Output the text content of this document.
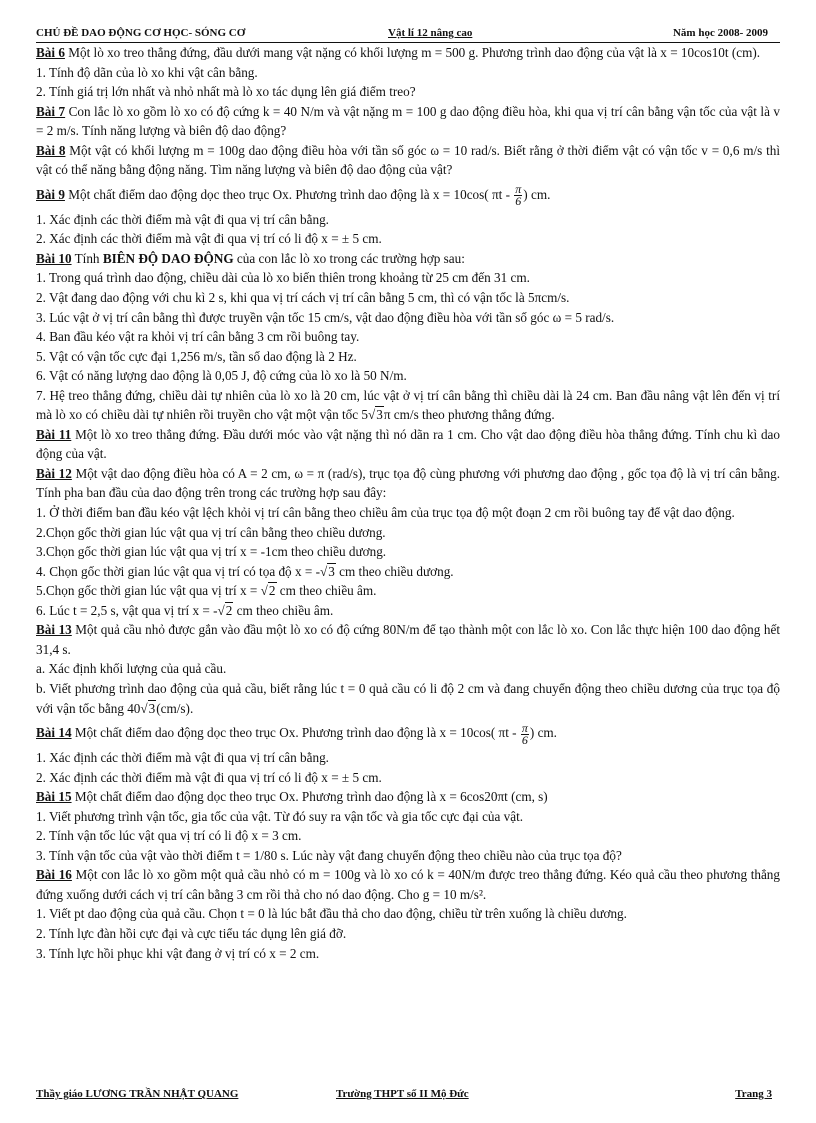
CHỦ ĐỀ DAO ĐỘNG CƠ HỌC- SÓNG CƠ	Vật lí 12 nâng cao	Năm học 2008- 2009

Bài 6 Một lò xo treo thẳng đứng, đầu dưới mang vật nặng có khối lượng m = 500 g. Phương trình dao động của vật là x = 10cos10t (cm).

1. Tính độ dãn của lò xo khi vật cân bằng.

2. Tính giá trị lớn nhất và nhỏ nhất mà lò xo tác dụng lên giá điểm treo?

Bài 7 Con lắc lò xo gồm lò xo có độ cứng k = 40 N/m và vật nặng m = 100 g dao động điều hòa, khi qua vị trí cân bằng vận tốc của vật là v = 2 m/s. Tính năng lượng và biên độ dao động?

Bài 8 Một vật có khối lượng m = 100g dao động điều hòa với tần số góc ω = 10 rad/s. Biết rằng ở thời điểm vật có vận tốc v = 0,6 m/s thì vật có thể năng bằng động năng. Tìm năng lượng và biên độ dao động của vật?

Bài 9 Một chất điểm dao động dọc theo trục Ox. Phương trình dao động là x = 10cos( πt - $\frac{\pi}{6}$ ) cm.

1. Xác định các thời điểm mà vật đi qua vị trí cân bằng.

2. Xác định các thời điểm mà vật đi qua vị trí có li độ x = ± 5 cm.

Bài 10 Tính BIÊN ĐỘ DAO ĐỘNG của con lắc lò xo trong các trường hợp sau:

1. Trong quá trình dao động, chiều dài của lò xo biến thiên trong khoảng từ 25 cm đến 31 cm.

2. Vật đang dao động với chu kì 2 s, khi qua vị trí cách vị trí cân bằng 5 cm, thì có vận tốc là 5πcm/s.

3. Lúc vật ở vị trí cân bằng thì được truyền vận tốc 15 cm/s, vật dao động điều hòa với tần số góc ω = 5 rad/s.

4. Ban đầu kéo vật ra khỏi vị trí cân bằng 3 cm rồi buông tay.

5. Vật có vận tốc cực đại 1,256 m/s, tần số dao động là 2 Hz.

6. Vật có năng lượng dao động là 0,05 J, độ cứng của lò xo là 50 N/m.

7. Hệ treo thẳng đứng, chiều dài tự nhiên của lò xo là 20 cm, lúc vật ở vị trí cân bằng thì chiều dài là 24 cm. Ban đầu nâng vật lên đến vị trí mà lò xo có chiều dài tự nhiên rồi truyền cho vật một vận tốc 5√3π cm/s theo phương thẳng đứng.

Bài 11 Một lò xo treo thẳng đứng. Đầu dưới móc vào vật nặng thì nó dãn ra 1 cm. Cho vật dao động điều hòa thẳng đứng. Tính chu kì dao động của vật.

Bài 12 Một vật dao động điều hòa có A = 2 cm, ω = π (rad/s), trục tọa độ cùng phương với phương dao động , gốc tọa độ là vị trí cân bằng. Tính pha ban đầu của dao động trên trong các trường hợp sau đây:

1. Ở thời điểm ban đầu kéo vật lệch khỏi vị trí cân bằng theo chiều âm của trục tọa độ một đoạn 2 cm rồi buông tay để vật dao động.

2.Chọn gốc thời gian lúc vật qua vị trí cân bằng theo chiều dương.

3.Chọn gốc thời gian lúc vật qua vị trí x = -1cm theo chiều dương.

4. Chọn gốc thời gian lúc vật qua vị trí có tọa độ x = -√3 cm theo chiều dương.

5.Chọn gốc thời gian lúc vật qua vị trí x = √2 cm theo chiều âm.

6. Lúc t = 2,5 s, vật qua vị trí x = -√2 cm theo chiều âm.

Bài 13 Một quả cầu nhỏ được gắn vào đầu một lò xo có độ cứng 80N/m để tạo thành một con lắc lò xo. Con lắc thực hiện 100 dao động hết 31,4 s.

a. Xác định khối lượng của quả cầu.

b. Viết phương trình dao động của quả cầu, biết rằng lúc t = 0 quả cầu có li độ 2 cm và đang chuyển động theo chiều dương của trục tọa độ với vận tốc bằng 40√3(cm/s).

Bài 14 Một chất điểm dao động dọc theo trục Ox. Phương trình dao động là x = 10cos( πt - $\frac{\pi}{6}$ ) cm.

1. Xác định các thời điểm mà vật đi qua vị trí cân bằng.

2. Xác định các thời điểm mà vật đi qua vị trí có li độ x = ± 5 cm.

Bài 15 Một chất điểm dao động dọc theo trục Ox. Phương trình dao động là x = 6cos20πt (cm, s)

1. Viết phương trình vận tốc, gia tốc của vật. Từ đó suy ra vận tốc và gia tốc cực đại của vật.

2. Tính vận tốc lúc vật qua vị trí có li độ x = 3 cm.

3. Tính vận tốc của vật vào thời điểm t = 1/80 s. Lúc này vật đang chuyển động theo chiều nào của trục tọa độ?

Bài 16 Một con lắc lò xo gồm một quả cầu nhỏ có m = 100g và lò xo có k = 40N/m được treo thẳng đứng. Kéo quả cầu theo phương thẳng đứng xuống dưới cách vị trí cân bằng 3 cm rồi thả cho nó dao động. Cho g = 10 m/s².

1. Viết pt dao động của quả cầu. Chọn t = 0 là lúc bắt đầu thả cho dao động, chiều từ trên xuống là chiều dương.

2. Tính lực đàn hồi cực đại và cực tiểu tác dụng lên giá đỡ.

3. Tính lực hồi phục khi vật đang ở vị trí có x = 2 cm.

Thầy giáo LƯƠNG TRẦN NHẬT QUANG	Trường THPT số II Mộ Đức	Trang 3
